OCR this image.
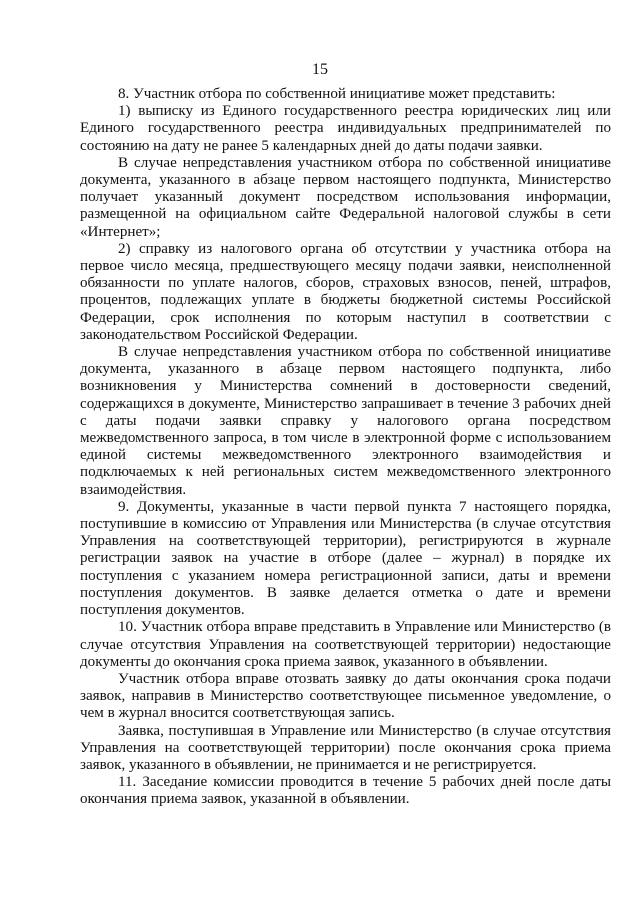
15

8. Участник отбора по собственной инициативе может представить:

1) выписку из Единого государственного реестра юридических лиц или Единого государственного реестра индивидуальных предпринимателей по состоянию на дату не ранее 5 календарных дней до даты подачи заявки.

В случае непредставления участником отбора по собственной инициативе документа, указанного в абзаце первом настоящего подпункта, Министерство получает указанный документ посредством использования информации, размещенной на официальном сайте Федеральной налоговой службы в сети «Интернет»;

2) справку из налогового органа об отсутствии у участника отбора на первое число месяца, предшествующего месяцу подачи заявки, неисполненной обязанности по уплате налогов, сборов, страховых взносов, пеней, штрафов, процентов, подлежащих уплате в бюджеты бюджетной системы Российской Федерации, срок исполнения по которым наступил в соответствии с законодательством Российской Федерации.

В случае непредставления участником отбора по собственной инициативе документа, указанного в абзаце первом настоящего подпункта, либо возникновения у Министерства сомнений в достоверности сведений, содержащихся в документе, Министерство запрашивает в течение 3 рабочих дней с даты подачи заявки справку у налогового органа посредством межведомственного запроса, в том числе в электронной форме с использованием единой системы межведомственного электронного взаимодействия и подключаемых к ней региональных систем межведомственного электронного взаимодействия.

9. Документы, указанные в части первой пункта 7 настоящего порядка, поступившие в комиссию от Управления или Министерства (в случае отсутствия Управления на соответствующей территории), регистрируются в журнале регистрации заявок на участие в отборе (далее – журнал) в порядке их поступления с указанием номера регистрационной записи, даты и времени поступления документов. В заявке делается отметка о дате и времени поступления документов.

10. Участник отбора вправе представить в Управление или Министерство (в случае отсутствия Управления на соответствующей территории) недостающие документы до окончания срока приема заявок, указанного в объявлении.

Участник отбора вправе отозвать заявку до даты окончания срока подачи заявок, направив в Министерство соответствующее письменное уведомление, о чем в журнал вносится соответствующая запись.

Заявка, поступившая в Управление или Министерство (в случае отсутствия Управления на соответствующей территории) после окончания срока приема заявок, указанного в объявлении, не принимается и не регистрируется.

11. Заседание комиссии проводится в течение 5 рабочих дней после даты окончания приема заявок, указанной в объявлении.
